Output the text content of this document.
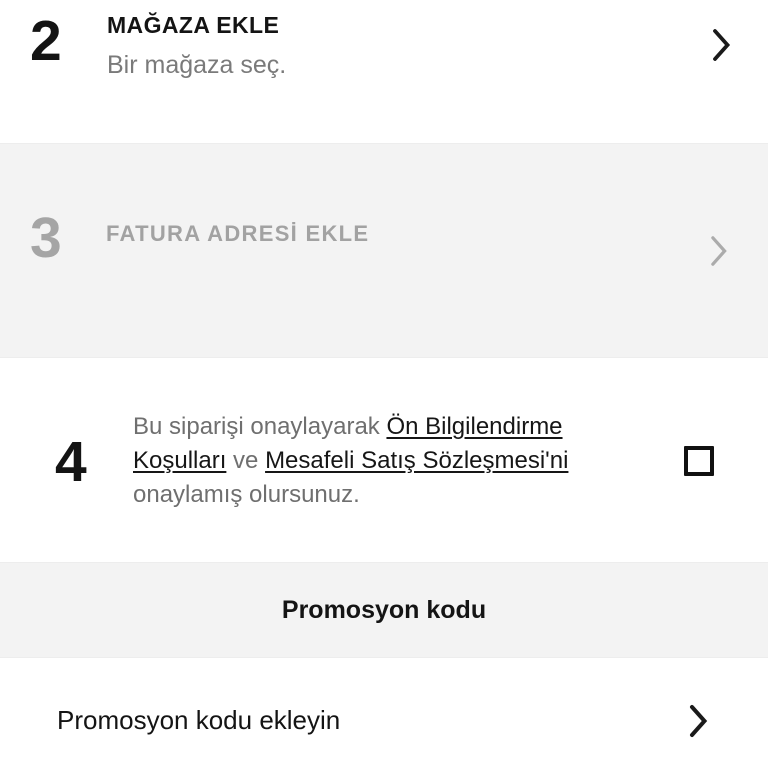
2 MAĞAZA EKLE
Bir mağaza seç.
3 FATURA ADRESİ EKLE
4

Bu siparişi onaylayarak Ön Bilgilendirme Koşulları ve Mesafeli Satış Sözleşmesi'ni onaylamış olursunuz.

Promosyon kodu
Promosyon kodu ekleyin
